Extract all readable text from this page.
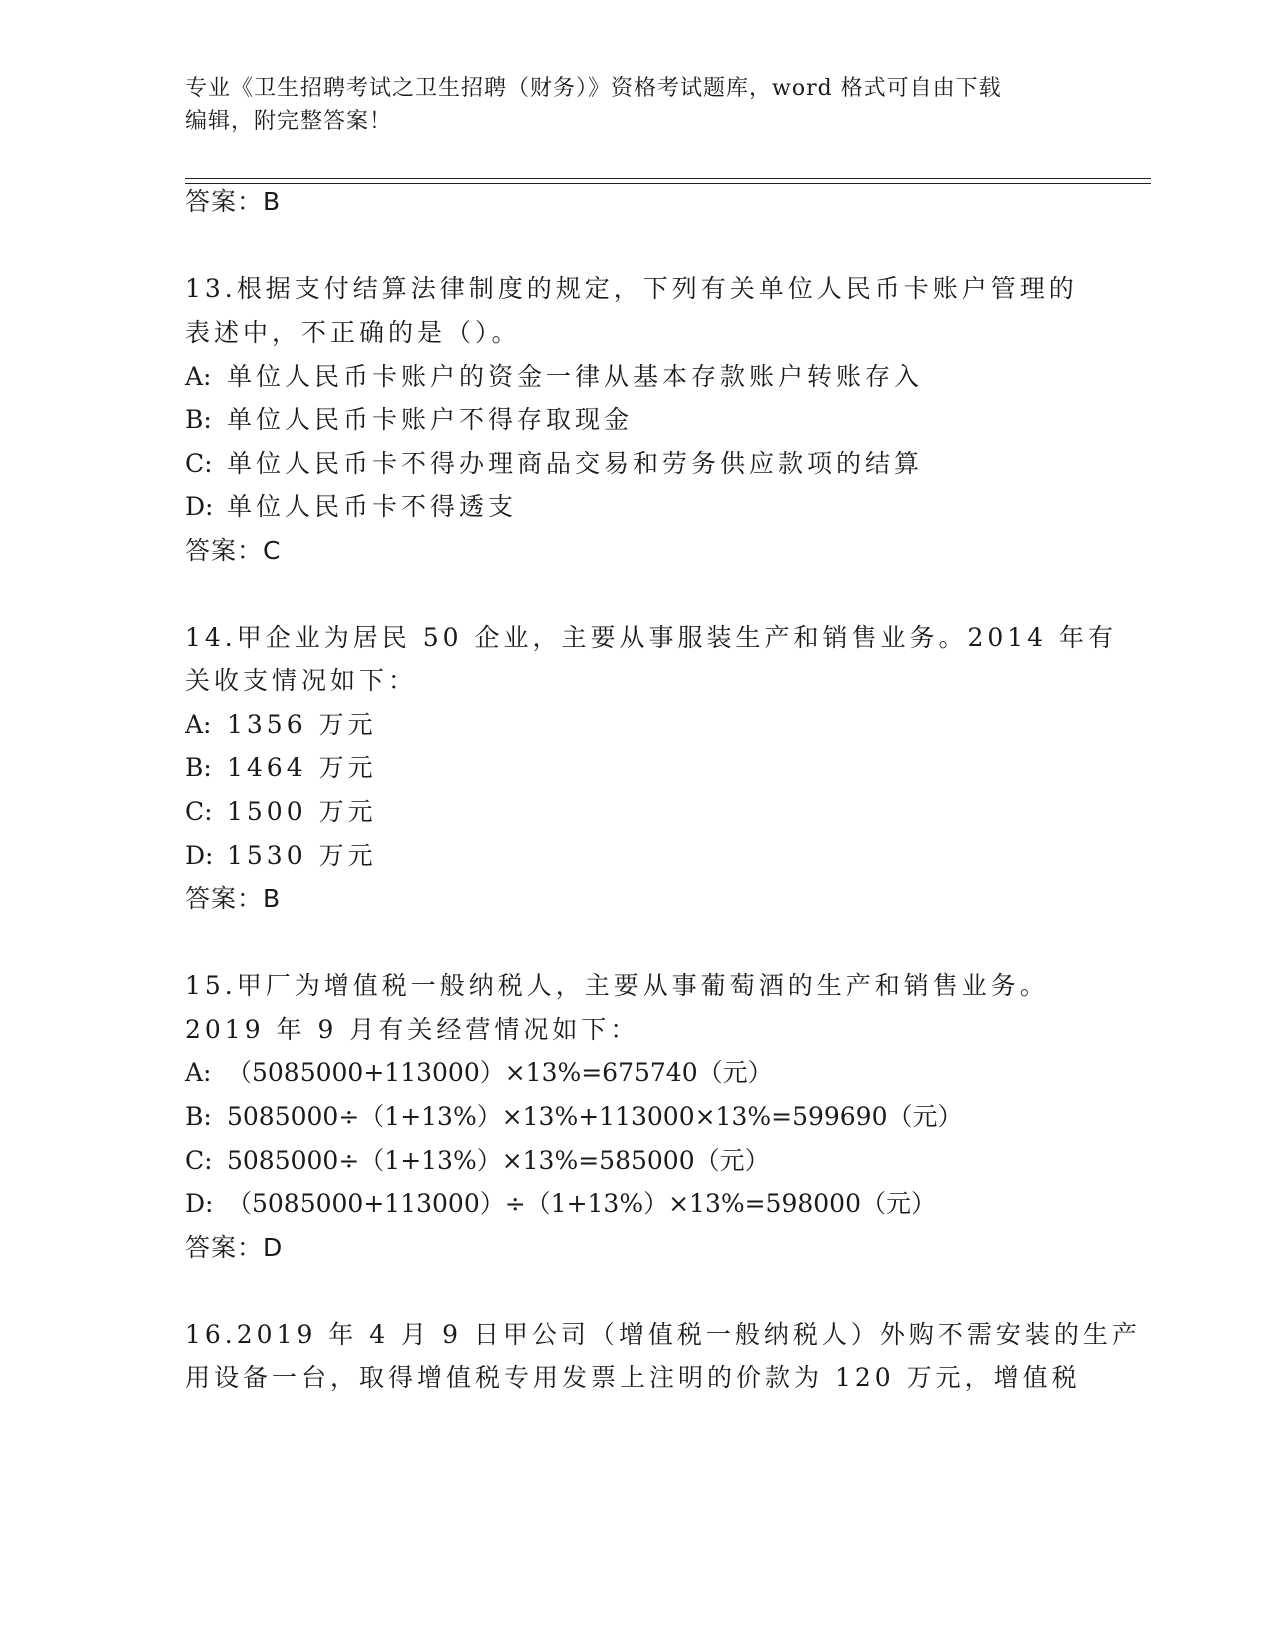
专业《卫生招聘考试之卫生招聘（财务）》资格考试题库，word 格式可自由下载
编辑，附完整答案！
答案：B
13.根据支付结算法律制度的规定，下列有关单位人民币卡账户管理的
表述中，不正确的是（）。
A: 单位人民币卡账户的资金一律从基本存款账户转账存入
B: 单位人民币卡账户不得存取现金
C: 单位人民币卡不得办理商品交易和劳务供应款项的结算
D: 单位人民币卡不得透支
答案：C
14.甲企业为居民 50 企业，主要从事服装生产和销售业务。2014 年有
关收支情况如下：
A: 1356 万元
B: 1464 万元
C: 1500 万元
D: 1530 万元
答案：B
15.甲厂为增值税一般纳税人，主要从事葡萄酒的生产和销售业务。
2019 年 9 月有关经营情况如下：
A: （5085000+113000）×13%=675740（元）
B: 5085000÷（1+13%）×13%+113000×13%=599690（元）
C: 5085000÷（1+13%）×13%=585000（元）
D: （5085000+113000）÷（1+13%）×13%=598000（元）
答案：D
16.2019 年 4 月 9 日甲公司（增值税一般纳税人）外购不需安装的生产
用设备一台，取得增值税专用发票上注明的价款为 120 万元，增值税
